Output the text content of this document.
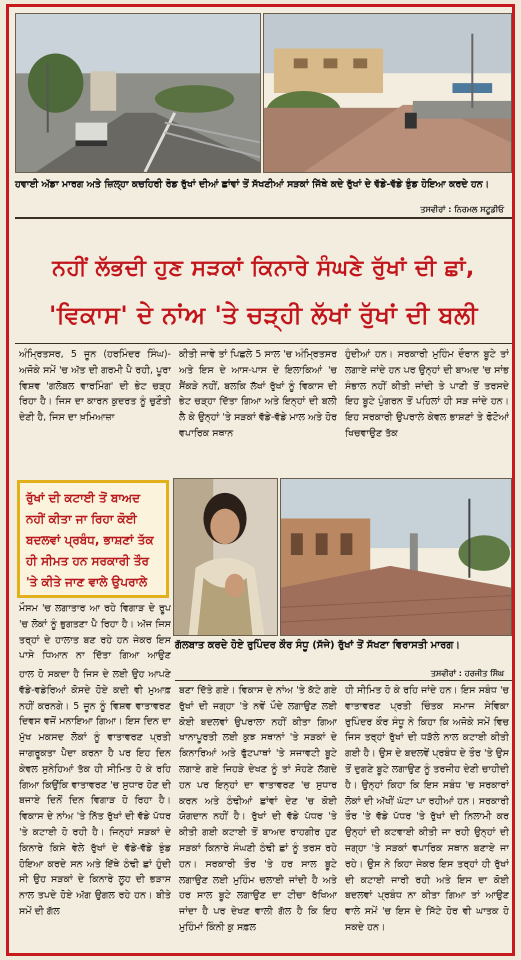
ਹਵਾਈ ਅੱਡਾ ਮਾਰਗ ਅਤੇ ਜ਼ਿਲ੍ਹਾ ਕਚਹਿਰੀ ਰੋਡ ਰੁੱਖਾਂ ਦੀਆਂ ਛਾਂਵਾਂ ਤੋਂ ਸੱਖਣੀਆਂ ਸੜਕਾਂ ਜਿੱਥੇ ਕਦੇ ਰੁੱਖਾਂ ਦੇ ਵੱਡੇ-ਵੱਡੇ ਝੁੰਡ ਹੋਇਆ ਕਰਦੇ ਹਨ।
ਤਸਵੀਰਾਂ : ਨਿਰਮਲ ਸਟੂਡੀਓ
ਨਹੀਂ ਲੱਭਦੀ ਹੁਣ ਸੜਕਾਂ ਕਿਨਾਰੇ ਸੰਘਣੇ ਰੁੱਖਾਂ ਦੀ ਛਾਂ,
'ਵਿਕਾਸ' ਦੇ ਨਾਂਅ 'ਤੇ ਚੜ੍ਹੀ ਲੱਖਾਂ ਰੁੱਖਾਂ ਦੀ ਬਲੀ

ਅੰਮ੍ਰਿਤਸਰ, 5 ਜੂਨ (ਹਰਮਿੰਦਰ ਸਿੰਘ)-ਅਜੋਕੇ ਸਮੇਂ 'ਚ ਅੱਤ ਦੀ ਗਰਮੀ ਪੈ ਰਹੀ, ਪੂਰਾ ਵਿਸ਼ਵ 'ਗਲੋਬਲ ਵਾਰਮਿੰਗ' ਦੀ ਭੇਟ ਚੜ੍ਹ ਰਿਹਾ ਹੈ। ਜਿਸ ਦਾ ਕਾਰਨ ਕੁਦਰਤ ਨੂੰ ਚੁਣੌਤੀ ਦੇਣੀ ਹੈ, ਜਿਸ ਦਾ ਖ਼ਮਿਆਜ਼ਾ

ਕੀਤੀ ਜਾਵੇ ਤਾਂ ਪਿਛਲੇ 5 ਸਾਲ 'ਚ ਅੰਮ੍ਰਿਤਸਰ ਅਤੇ ਇਸ ਦੇ ਆਸ-ਪਾਸ ਦੇ ਇਲਾਕਿਆਂ 'ਚ ਸੈਂਕੜੇ ਨਹੀਂ, ਬਲਕਿ ਲੱਖਾਂ ਰੁੱਖਾਂ ਨੂੰ ਵਿਕਾਸ ਦੀ ਭੇਟ ਚੜ੍ਹਾ ਦਿੱਤਾ ਗਿਆ ਅਤੇ ਇਨ੍ਹਾਂ ਦੀ ਬਲੀ ਲੈ ਕੇ ਉਨ੍ਹਾਂ 'ਤੇ ਸੜਕਾਂ ਵੱਡੇ-ਵੱਡੇ ਮਾਲ ਅਤੇ ਹੋਰ ਵਪਾਰਿਕ ਸਥਾਨ

ਹੁੰਦੀਆਂ ਹਨ। ਸਰਕਾਰੀ ਮੁਹਿੰਮ ਦੌਰਾਨ ਬੂਟੇ ਤਾਂ ਲਗਾਏ ਜਾਂਦੇ ਹਨ ਪਰ ਉਨ੍ਹਾਂ ਦੀ ਬਾਅਦ 'ਚ ਸਾਂਭ ਸੰਭਾਲ ਨਹੀਂ ਕੀਤੀ ਜਾਂਦੀ ਤੇ ਪਾਣੀ ਤੋਂ ਤਰਸਦੇ ਇਹ ਬੂਟੇ ਪੁੰਗਰਨ ਤੋਂ ਪਹਿਲਾਂ ਹੀ ਸੜ ਜਾਂਦੇ ਹਨ। ਇਹ ਸਰਕਾਰੀ ਉਪਰਾਲੇ ਕੇਵਲ ਭਾਸ਼ਣਾਂ ਤੇ ਫੋਟੋਆਂ ਖਿਚਵਾਉਣ ਤੱਕ

ਰੁੱਖਾਂ ਦੀ ਕਟਾਈ ਤੋਂ ਬਾਅਦ ਨਹੀਂ ਕੀਤਾ ਜਾ ਰਿਹਾ ਕੋਈ ਬਦਲਵਾਂ ਪ੍ਰਬੰਧ, ਭਾਸ਼ਣਾਂ ਤੱਕ ਹੀ ਸੀਮਤ ਹਨ ਸਰਕਾਰੀ ਤੌਰ 'ਤੇ ਕੀਤੇ ਜਾਣ ਵਾਲੇ ਉਪਰਾਲੇ

ਮੌਸਮ 'ਚ ਲਗਾਤਾਰ ਆ ਰਹੇ ਵਿਗਾੜ ਦੇ ਰੂਪ 'ਚ ਲੋਕਾਂ ਨੂੰ ਭੁਗਤਣਾ ਪੈ ਰਿਹਾ ਹੈ। ਅੱਜ ਜਿਸ ਤਰ੍ਹਾਂ ਦੇ ਹਾਲਾਤ ਬਣ ਰਹੇ ਹਨ ਜੇਕਰ ਇਸ ਪਾਸੇ ਧਿਆਨ ਨਾ ਦਿੱਤਾ ਗਿਆ ਆਉਣ

ਗੱਲਬਾਤ ਕਰਦੇ ਹੋਏ ਰੁਪਿੰਦਰ ਕੌਰ ਸੰਧੂ (ਸੱਜੇ) ਰੁੱਖਾਂ ਤੋਂ ਸੱਖਣਾ ਵਿਰਾਸਤੀ ਮਾਰਗ।
ਤਸਵੀਰਾਂ : ਹਰਜੀਤ ਸਿੰਘ

ਹਾਲ ਹੋ ਸਕਦਾ ਹੈ ਜਿਸ ਦੇ ਲਈ ਉਹ ਆਪਣੇ ਵੱਡੇ-ਵਡੇਰਿਆਂ ਕੋਸਦੇ ਹੋਏ ਕਦੀ ਵੀ ਮੁਆਫ਼ ਨਹੀਂ ਕਰਨਗੇ। 5 ਜੂਨ ਨੂੰ ਵਿਸ਼ਵ ਵਾਤਾਵਰਣ ਦਿਵਸ ਵਜੋਂ ਮਨਾਇਆ ਗਿਆ। ਇਸ ਦਿਨ ਦਾ ਮੁੱਖ ਮਕਸਦ ਲੋਕਾਂ ਨੂੰ ਵਾਤਾਵਰਣ ਪ੍ਰਤੀ ਜਾਗਰੂਕਤਾ ਪੈਦਾ ਕਰਨਾ ਹੈ ਪਰ ਇਹ ਦਿਨ ਕੇਵਲ ਸੁਨੇਹਿਆਂ ਤੱਕ ਹੀ ਸੀਮਿਤ ਹੋ ਕੇ ਰਹਿ ਗਿਆ ਕਿਉਂਕਿ ਵਾਤਾਵਰਣ 'ਚ ਸੁਧਾਰ ਹੋਣ ਦੀ ਬਜਾਏ ਦਿਨੋਂ ਦਿਨ ਵਿਗਾੜ ਹੋ ਰਿਹਾ ਹੈ। ਵਿਕਾਸ ਦੇ ਨਾਂਅ 'ਤੇ ਨਿੱਤ ਰੁੱਖਾਂ ਦੀ ਵੱਡੇ ਪੱਧਰ 'ਤੇ ਕਟਾਈ ਹੋ ਰਹੀ ਹੈ। ਜਿਨ੍ਹਾਂ ਸੜਕਾਂ ਦੇ ਕਿਨਾਰੇ ਕਿਸੇ ਵੇਲੇ ਰੁੱਖਾਂ ਦੇ ਵੱਡੇ-ਵੱਡੇ ਝੁੰਡ ਹੋਇਆ ਕਰਦੇ ਸਨ ਅਤੇ ਇੱਥੇ ਠੰਢੀ ਛਾਂ ਹੁੰਦੀ ਸੀ ਉਹ ਸੜਕਾਂ ਦੇ ਕਿਨਾਰੇ ਲੂਹ ਦੀ ਭੜਾਸ ਨਾਲ ਤਪਦੇ ਹੋਏ ਅੱਗ ਉਗਲ ਰਹੇ ਹਨ। ਬੀਤੇ ਸਮੇਂ ਦੀ ਗੱਲ

ਬਣਾ ਦਿੱਤੇ ਗਏ। ਵਿਕਾਸ ਦੇ ਨਾਂਅ 'ਤੇ ਕੱਟੇ ਗਏ ਰੁੱਖਾਂ ਦੀ ਜਗ੍ਹਾ 'ਤੇ ਨਵੇਂ ਪੌਦੇ ਲਗਾਉਣ ਲਈ ਕੋਈ ਬਦਲਵਾਂ ਉਪਰਾਲਾ ਨਹੀਂ ਕੀਤਾ ਗਿਆ ਖਾਨਾਪੂਰਤੀ ਲਈ ਕੁਝ ਸਥਾਨਾਂ 'ਤੇ ਸੜਕਾਂ ਦੇ ਕਿਨਾਰਿਆਂ ਅਤੇ ਫੁੱਟਪਾਥਾਂ 'ਤੇ ਸਜਾਵਟੀ ਬੂਟੇ ਲਗਾਏ ਗਏ ਜਿਹੜੇ ਦੇਖਣ ਨੂੰ ਤਾਂ ਸੋਹਣੇ ਲੱਗਦੇ ਹਨ ਪਰ ਇਨ੍ਹਾਂ ਦਾ ਵਾਤਾਵਰਣ 'ਚ ਸੁਧਾਰ ਕਰਨ ਅਤੇ ਠੰਢੀਆਂ ਛਾਂਵਾਂ ਦੇਣ 'ਚ ਕੋਈ ਯੋਗਦਾਨ ਨਹੀਂ ਹੈ। ਰੁੱਖਾਂ ਦੀ ਵੱਡੇ ਪੱਧਰ 'ਤੇ ਕੀਤੀ ਗਈ ਕਟਾਈ ਤੋਂ ਬਾਅਦ ਰਾਹਗੀਰ ਹੁਣ ਸੜਕਾਂ ਕਿਨਾਰੇ ਸੰਘਣੀ ਠੰਢੀ ਛਾਂ ਨੂੰ ਤਰਸ ਰਹੇ ਹਨ। ਸਰਕਾਰੀ ਤੌਰ 'ਤੇ ਹਰ ਸਾਲ ਬੂਟੇ ਲਗਾਉਣ ਲਈ ਮੁਹਿੰਮ ਚਲਾਈ ਜਾਂਦੀ ਹੈ ਅਤੇ ਹਰ ਸਾਲ ਬੂਟੇ ਲਗਾਉਣ ਦਾ ਟੀਚਾ ਰੱਖਿਆ ਜਾਂਦਾ ਹੈ ਪਰ ਦੇਖਣ ਵਾਲੀ ਗੱਲ ਹੈ ਕਿ ਇਹ ਮੁਹਿੰਮਾਂ ਕਿੰਨੀ ਕੁ ਸਫ਼ਲ

ਹੀ ਸੀਮਿਤ ਹੋ ਕੇ ਰਹਿ ਜਾਂਦੇ ਹਨ। ਇਸ ਸਬੰਧ 'ਚ ਵਾਤਾਵਰਣ ਪ੍ਰਤੀ ਚਿੰਤਕ ਸਮਾਜ ਸੇਵਿਕਾ ਰੁਪਿੰਦਰ ਕੌਰ ਸੰਧੂ ਨੇ ਕਿਹਾ ਕਿ ਅਜੋਕੇ ਸਮੇਂ ਵਿਚ ਜਿਸ ਤਰ੍ਹਾਂ ਰੁੱਖਾਂ ਦੀ ਧੜੱਲੇ ਨਾਲ ਕਟਾਈ ਕੀਤੀ ਗਈ ਹੈ। ਉਸ ਦੇ ਬਦਲਵੇਂ ਪ੍ਰਬੰਧ ਦੇ ਤੌਰ 'ਤੇ ਉਸ ਤੋਂ ਦੁਗਣੇ ਬੂਟੇ ਲਗਾਉਣ ਨੂੰ ਤਰਜੀਹ ਦੇਣੀ ਚਾਹੀਦੀ ਹੈ। ਉਨ੍ਹਾਂ ਕਿਹਾ ਕਿ ਇਸ ਸਬੰਧ 'ਚ ਸਰਕਾਰਾਂ ਲੋਕਾਂ ਦੀ ਅੱਖੀਂ ਘੱਟਾ ਪਾ ਰਹੀਆਂ ਹਨ। ਸਰਕਾਰੀ ਤੌਰ 'ਤੇ ਵੱਡੇ ਪੱਧਰ 'ਤੇ ਰੁੱਖਾਂ ਦੀ ਨਿਲਾਮੀ ਕਰ ਉਨ੍ਹਾਂ ਦੀ ਕਟਵਾਈ ਕੀਤੀ ਜਾ ਰਹੀ ਉਨ੍ਹਾਂ ਦੀ ਜਗ੍ਹਾ 'ਤੇ ਸੜਕਾਂ ਵਪਾਰਿਕ ਸਥਾਨ ਬਣਾਏ ਜਾ ਰਹੇ। ਉਸ ਨੇ ਕਿਹਾ ਜੇਕਰ ਇਸ ਤਰ੍ਹਾਂ ਹੀ ਰੁੱਖਾਂ ਦੀ ਕਟਾਈ ਜਾਰੀ ਰਹੀ ਅਤੇ ਇਸ ਦਾ ਕੋਈ ਬਦਲਵਾਂ ਪ੍ਰਬੰਧ ਨਾ ਕੀਤਾ ਗਿਆ ਤਾਂ ਆਉਣ ਵਾਲੇ ਸਮੇਂ 'ਚ ਇਸ ਦੇ ਸਿੱਟੇ ਹੋਰ ਵੀ ਘਾਤਕ ਹੋ ਸਕਦੇ ਹਨ।
